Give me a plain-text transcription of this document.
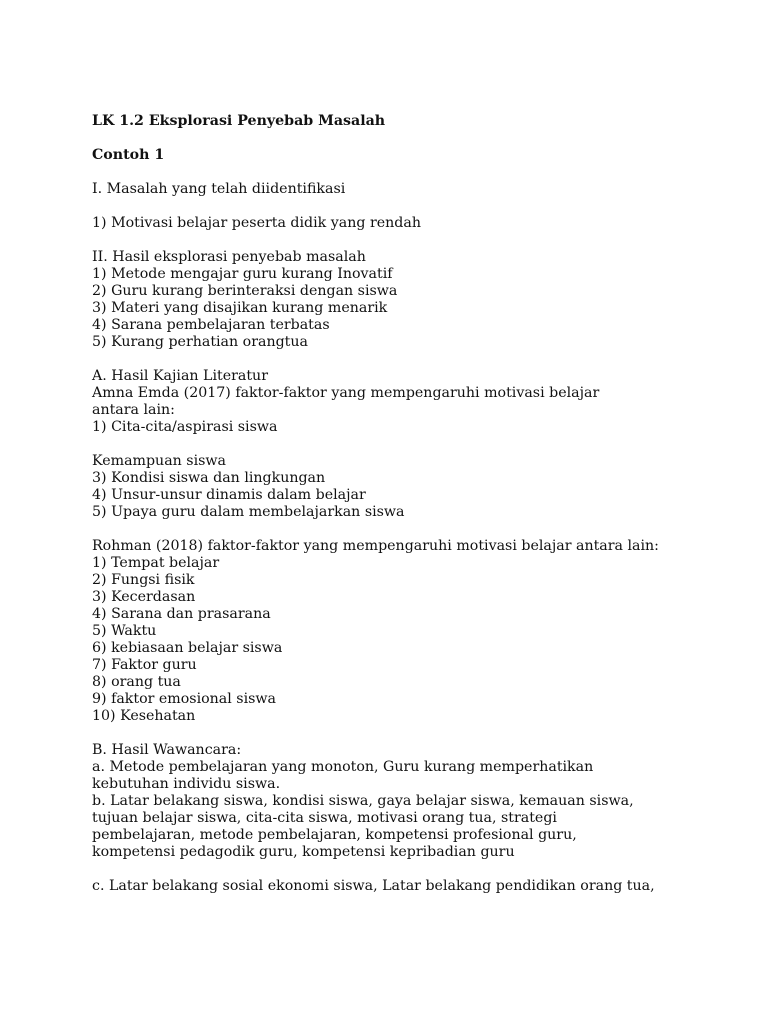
LK 1.2 Eksplorasi Penyebab Masalah

Contoh 1

I. Masalah yang telah diidentifikasi
1) Motivasi belajar peserta didik yang rendah
II. Hasil eksplorasi penyebab masalah
1) Metode mengajar guru kurang Inovatif
2) Guru kurang berinteraksi dengan siswa
3) Materi yang disajikan kurang menarik
4) Sarana pembelajaran terbatas
5) Kurang perhatian orangtua
A. Hasil Kajian Literatur
Amna Emda (2017) faktor-faktor yang mempengaruhi motivasi belajar antara lain:
1) Cita-cita/aspirasi siswa
Kemampuan siswa
3) Kondisi siswa dan lingkungan
4) Unsur-unsur dinamis dalam belajar
5) Upaya guru dalam membelajarkan siswa
Rohman (2018) faktor-faktor yang mempengaruhi motivasi belajar antara lain:
1) Tempat belajar
2) Fungsi fisik
3) Kecerdasan
4) Sarana dan prasarana
5) Waktu
6) kebiasaan belajar siswa
7) Faktor guru
8) orang tua
9) faktor emosional siswa
10) Kesehatan
B. Hasil Wawancara:
a. Metode pembelajaran yang monoton, Guru kurang memperhatikan kebutuhan individu siswa.
b. Latar belakang siswa, kondisi siswa, gaya belajar siswa, kemauan siswa, tujuan belajar siswa, cita-cita siswa, motivasi orang tua, strategi pembelajaran, metode pembelajaran, kompetensi profesional guru, kompetensi pedagodik guru, kompetensi kepribadian guru
c. Latar belakang sosial ekonomi siswa, Latar belakang pendidikan orang tua,
